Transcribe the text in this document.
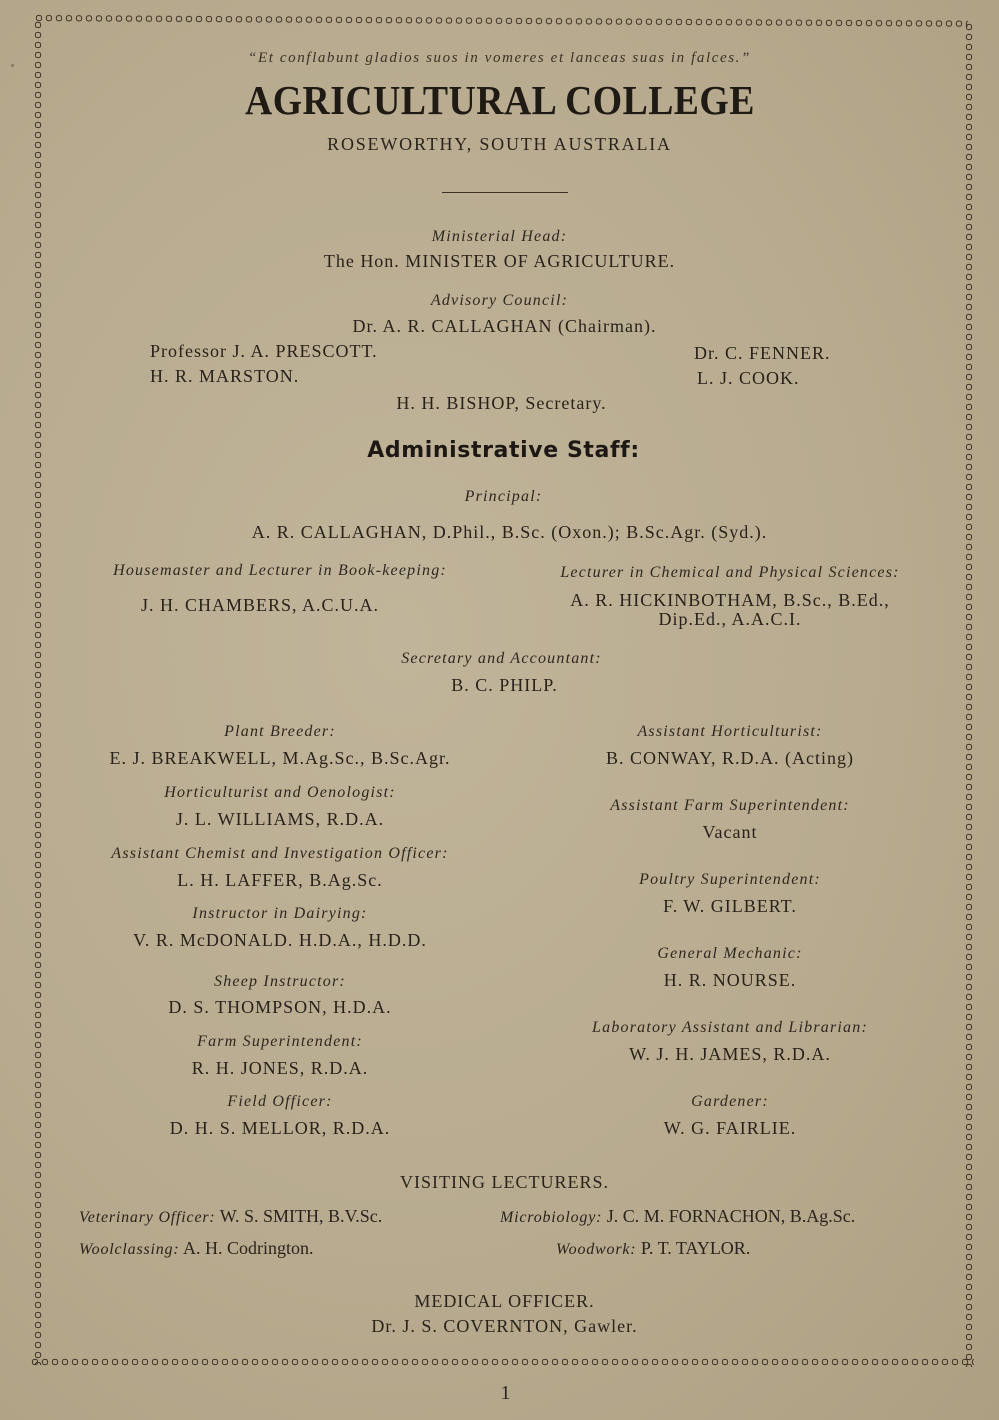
“Et conflabunt gladios suos in vomeres et lanceas suas in falces.”
AGRICULTURAL COLLEGE
ROSEWORTHY, SOUTH AUSTRALIA
Ministerial Head:
The Hon. MINISTER OF AGRICULTURE.
Advisory Council:
Dr. A. R. CALLAGHAN (Chairman).
Professor J. A. PRESCOTT.
H. R. MARSTON.
Dr. C. FENNER.
L. J. COOK.
H. H. BISHOP, Secretary.
Administrative Staff:
Principal:
A. R. CALLAGHAN, D.Phil., B.Sc. (Oxon.); B.Sc.Agr. (Syd.).
Housemaster and Lecturer in Book-keeping:
J. H. CHAMBERS, A.C.U.A.
Lecturer in Chemical and Physical Sciences:
A. R. HICKINBOTHAM, B.Sc., B.Ed.,
Dip.Ed., A.A.C.I.
Secretary and Accountant:
B. C. PHILP.
Plant Breeder:
E. J. BREAKWELL, M.Ag.Sc., B.Sc.Agr.
Horticulturist and Oenologist:
J. L. WILLIAMS, R.D.A.
Assistant Chemist and Investigation Officer:
L. H. LAFFER, B.Ag.Sc.
Instructor in Dairying:
V. R. McDONALD. H.D.A., H.D.D.
Sheep Instructor:
D. S. THOMPSON, H.D.A.
Farm Superintendent:
R. H. JONES, R.D.A.
Field Officer:
D. H. S. MELLOR, R.D.A.
Assistant Horticulturist:
B. CONWAY, R.D.A. (Acting)
Assistant Farm Superintendent:
Vacant
Poultry Superintendent:
F. W. GILBERT.
General Mechanic:
H. R. NOURSE.
Laboratory Assistant and Librarian:
W. J. H. JAMES, R.D.A.
Gardener:
W. G. FAIRLIE.
VISITING LECTURERS.
Veterinary Officer: W. S. SMITH, B.V.Sc.	Microbiology: J. C. M. FORNACHON, B.Ag.Sc.
Woolclassing: A. H. Codrington.	Woodwork: P. T. TAYLOR.
MEDICAL OFFICER.
Dr. J. S. COVERNTON, Gawler.
1
